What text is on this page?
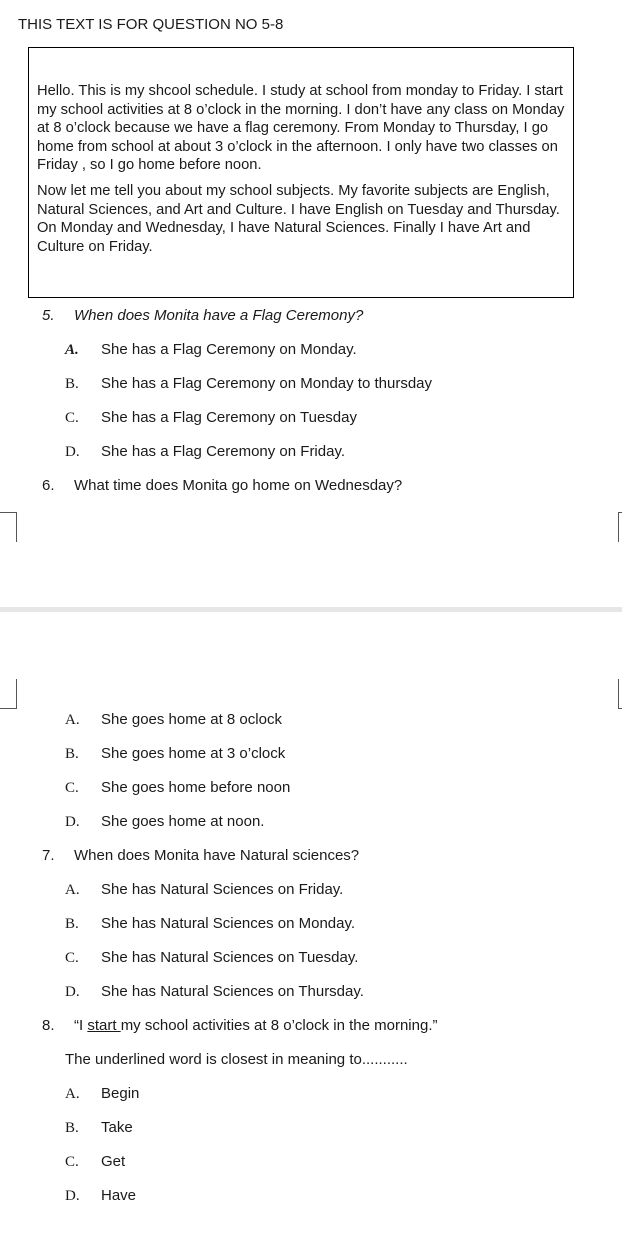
THIS TEXT IS FOR QUESTION NO 5-8

Hello. This is my shcool schedule. I study at school from monday to Friday. I start my school activities at 8 o’clock in the morning. I don’t have any class on Monday at 8 o’clock because we have a flag ceremony. From Monday to Thursday, I go home from school at about 3 o’clock in the afternoon. I only have two classes on Friday , so I go home before noon.

Now let me tell you about my school subjects. My favorite subjects are English, Natural Sciences, and Art and Culture. I have English on Tuesday and Thursday. On Monday and Wednesday, I have Natural Sciences. Finally I have Art and Culture on Friday.

5. When does Monita have a Flag Ceremony?
A. She has a Flag Ceremony on Monday.
B. She has a Flag Ceremony on Monday to thursday
C. She has a Flag Ceremony on Tuesday
D. She has a Flag Ceremony on Friday.
6. What time does Monita go home on Wednesday?
A. She goes home at 8 oclock
B. She goes home at 3 o’clock
C. She goes home before noon
D. She goes home at noon.
7. When does Monita have Natural sciences?
A. She has Natural Sciences on Friday.
B. She has Natural Sciences on Monday.
C. She has Natural Sciences on Tuesday.
D. She has Natural Sciences on Thursday.
8. “I start my school activities at 8 o’clock in the morning.”
The underlined word is closest in meaning to...........
A. Begin
B. Take
C. Get
D. Have
